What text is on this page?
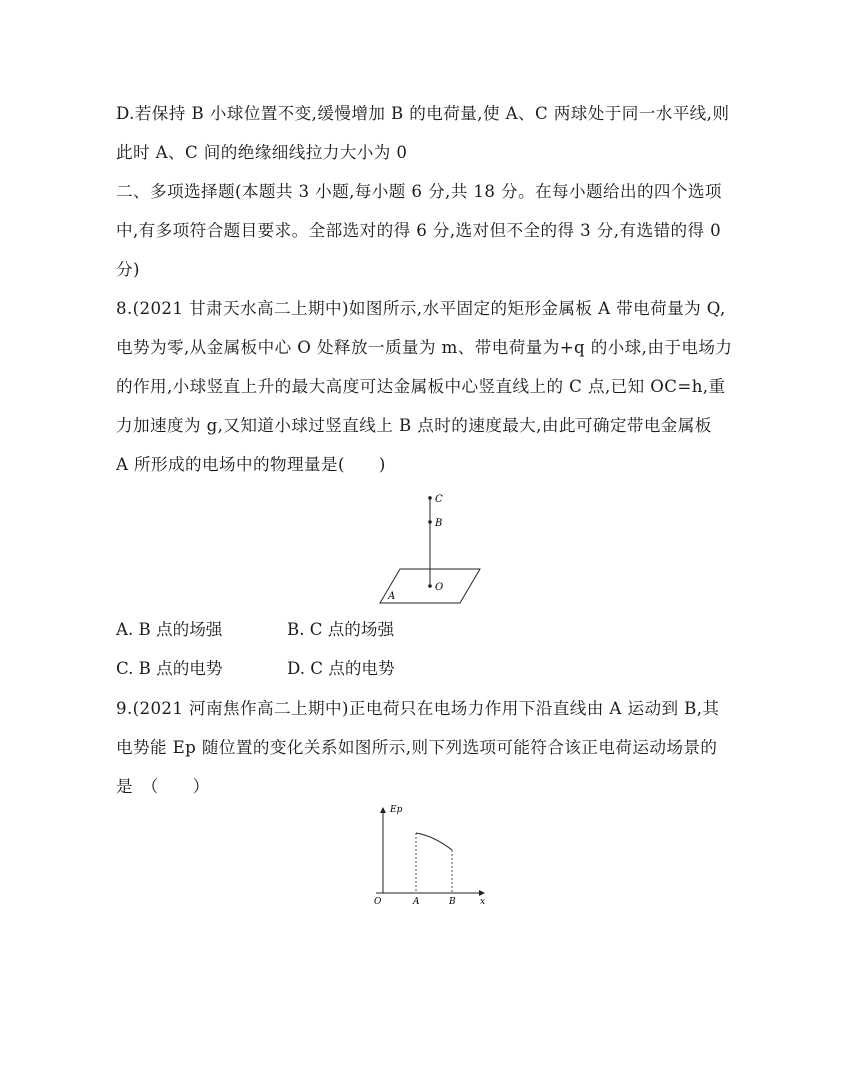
D.若保持 B 小球位置不变,缓慢增加 B 的电荷量,使 A、C 两球处于同一水平线,则
此时 A、C 间的绝缘细线拉力大小为 0
二、多项选择题(本题共 3 小题,每小题 6 分,共 18 分。在每小题给出的四个选项
中,有多项符合题目要求。全部选对的得 6 分,选对但不全的得 3 分,有选错的得 0
分)
8.(2021 甘肃天水高二上期中)如图所示,水平固定的矩形金属板 A 带电荷量为 Q,
电势为零,从金属板中心 O 处释放一质量为 m、带电荷量为+q 的小球,由于电场力
的作用,小球竖直上升的最大高度可达金属板中心竖直线上的 C 点,已知 OC=h,重
力加速度为 g,又知道小球过竖直线上 B 点时的速度最大,由此可确定带电金属板
A 所形成的电场中的物理量是(　　)
C
B
O
A
A. B 点的场强	B. C 点的场强
C. B 点的电势	D. C 点的电势
9.(2021 河南焦作高二上期中)正电荷只在电场力作用下沿直线由 A 运动到 B,其
电势能 Ep 随位置的变化关系如图所示,则下列选项可能符合该正电荷运动场景的
是　（　　）
Ep
O	A	B	x
